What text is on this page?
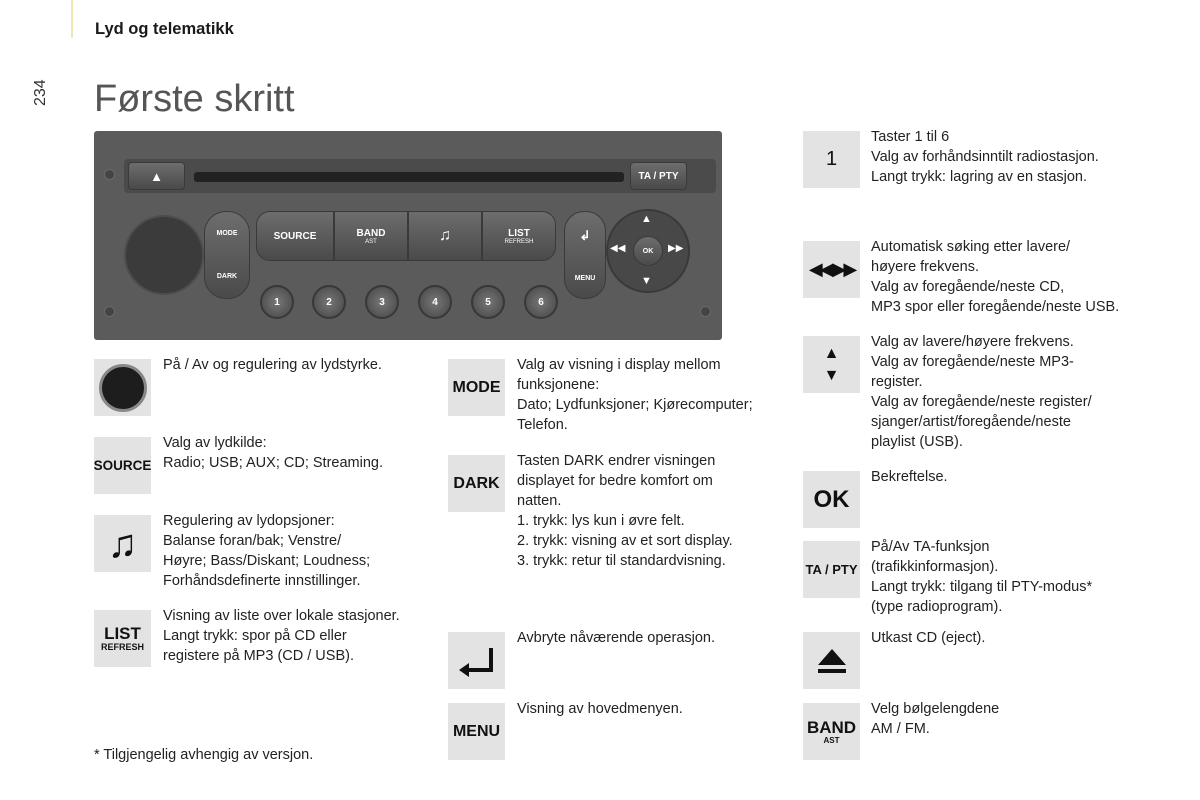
Lyd og telematikk
234 Første skritt
▲	TA / PTY
MODE
DARK
SOURCE	BAND
AST	♫	LIST
REFRESH	↲
MENU
▲
▼
◀◀	▶▶
OK
1	2	3	4	5	6
På / Av og regulering av lydstyrke.
SOURCE
Valg av lydkilde:
Radio; USB; AUX; CD; Streaming.
♫
Regulering av lydopsjoner:
Balanse foran/bak; Venstre/
Høyre; Bass/Diskant; Loudness;
Forhåndsdefinerte innstillinger.
LIST
REFRESH
Visning av liste over lokale stasjoner.
Langt trykk: spor på CD eller
registere på MP3 (CD / USB).
MODE
Valg av visning i display mellom
funksjonene:
Dato; Lydfunksjoner; Kjørecomputer;
Telefon.
DARK
Tasten DARK endrer visningen
displayet for bedre komfort om
natten.
1. trykk: lys kun i øvre felt.
2. trykk: visning av et sort display.
3. trykk: retur til standardvisning.
Avbryte nåværende operasjon.
MENU
Visning av hovedmenyen.
1
Taster 1 til 6
Valg av forhåndsinntilt radiostasjon.
Langt trykk: lagring av en stasjon.
◀◀ ▶▶
Automatisk søking etter lavere/
høyere frekvens.
Valg av foregående/neste CD,
MP3 spor eller foregående/neste USB.
▲
▼
Valg av lavere/høyere frekvens.
Valg av foregående/neste MP3-
register.
Valg av foregående/neste register/
sjanger/artist/foregående/neste
playlist (USB).
OK
Bekreftelse.
TA / PTY
På/Av TA-funksjon
(trafikkinformasjon).
Langt trykk: tilgang til PTY-modus*
(type radioprogram).
Utkast CD (eject).
BAND
AST
Velg bølgelengdene
AM / FM.
* Tilgjengelig avhengig av versjon.
